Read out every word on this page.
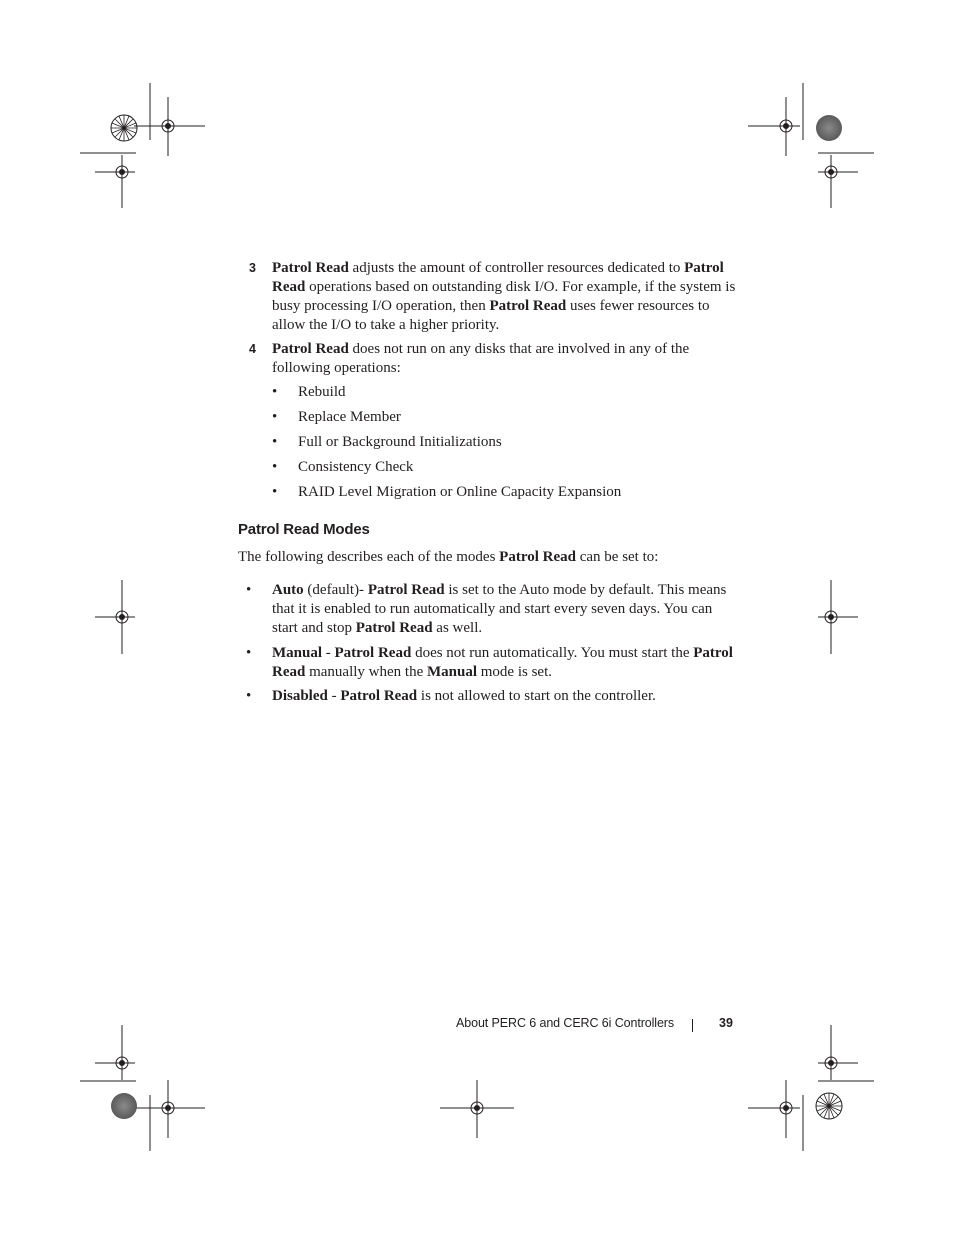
3 Patrol Read adjusts the amount of controller resources dedicated to Patrol Read operations based on outstanding disk I/O. For example, if the system is busy processing I/O operation, then Patrol Read uses fewer resources to allow the I/O to take a higher priority.
4 Patrol Read does not run on any disks that are involved in any of the following operations:
• Rebuild
• Replace Member
• Full or Background Initializations
• Consistency Check
• RAID Level Migration or Online Capacity Expansion
Patrol Read Modes
The following describes each of the modes Patrol Read can be set to:
• Auto (default)- Patrol Read is set to the Auto mode by default. This means that it is enabled to run automatically and start every seven days. You can start and stop Patrol Read as well.
• Manual - Patrol Read does not run automatically. You must start the Patrol Read manually when the Manual mode is set.
• Disabled - Patrol Read is not allowed to start on the controller.
About PERC 6 and CERC 6i Controllers	39
